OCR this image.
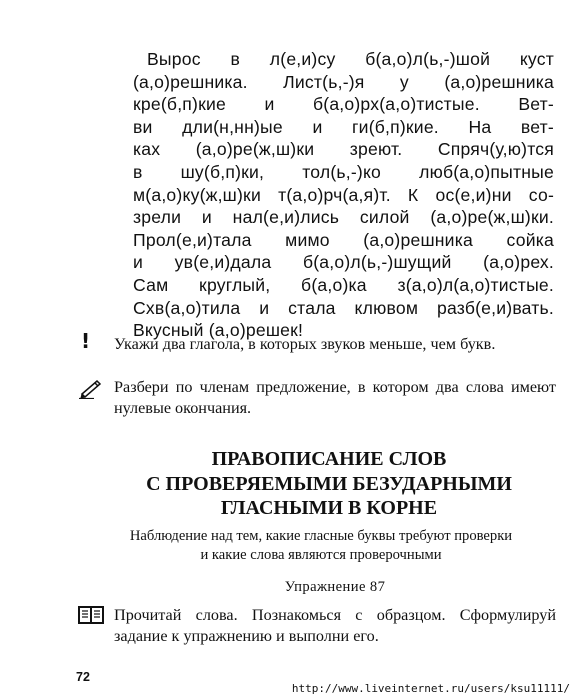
Вырос в л(е,и)су б(а,о)л(ь,-)шой куст
(а,о)решника. Лист(ь,-)я у (а,о)решника
кре(б,п)кие и б(а,о)рх(а,о)тистые. Вет-
ви дли(н,нн)ые и ги(б,п)кие. На вет-
ках (а,о)ре(ж,ш)ки зреют. Спряч(у,ю)тся
в шу(б,п)ки, тол(ь,-)ко люб(а,о)пытные
м(а,о)ку(ж,ш)ки т(а,о)рч(а,я)т. К ос(е,и)ни со-
зрели и нал(е,и)лись силой (а,о)ре(ж,ш)ки.
Прол(е,и)тала мимо (а,о)решника сойка
и ув(е,и)дала б(а,о)л(ь,-)шущий (а,о)рех.
Сам круглый, б(а,о)ка з(а,о)л(а,о)тистые.
Схв(а,о)тила и стала клювом разб(е,и)вать.
Вкусный (а,о)решек!
!	Укажи два глагола, в которых звуков меньше, чем букв.
Разбери по членам предложение, в котором два слова имеют нулевые окончания.
ПРАВОПИСАНИЕ СЛОВ
С ПРОВЕРЯЕМЫМИ БЕЗУДАРНЫМИ
ГЛАСНЫМИ В КОРНЕ
Наблюдение над тем, какие гласные буквы требуют проверки
и какие слова являются проверочными
Упражнение 87
Прочитай слова. Познакомься с образцом. Сформулируй задание к упражнению и выполни его.
72
http://www.liveinternet.ru/users/ksu11111/
